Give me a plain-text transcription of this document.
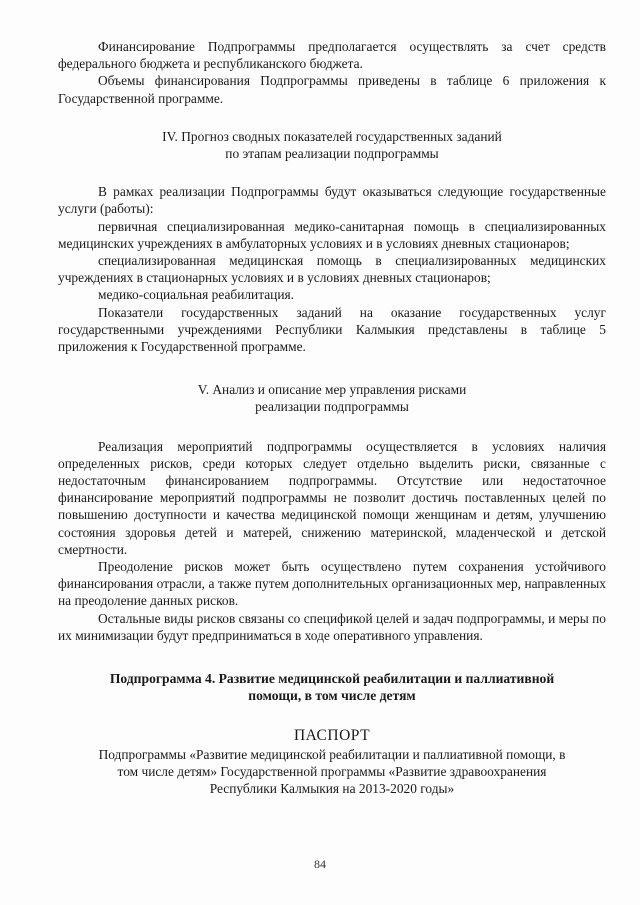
Финансирование Подпрограммы предполагается осуществлять за счет средств федерального бюджета и республиканского бюджета.

Объемы финансирования Подпрограммы приведены в таблице 6 приложения к Государственной программе.

IV. Прогноз сводных показателей государственных заданий
по этапам реализации подпрограммы

В рамках реализации Подпрограммы будут оказываться следующие государственные услуги (работы):

первичная специализированная медико-санитарная помощь в специализированных медицинских учреждениях в амбулаторных условиях и в условиях дневных стационаров;

специализированная медицинская помощь в специализированных медицинских учреждениях в стационарных условиях и в условиях дневных стационаров;

медико-социальная реабилитация.

Показатели государственных заданий на оказание государственных услуг государственными учреждениями Республики Калмыкия представлены в таблице 5 приложения к Государственной программе.

V. Анализ и описание мер управления рисками
реализации подпрограммы

Реализация мероприятий подпрограммы осуществляется в условиях наличия определенных рисков, среди которых следует отдельно выделить риски, связанные с недостаточным финансированием подпрограммы. Отсутствие или недостаточное финансирование мероприятий подпрограммы не позволит достичь поставленных целей по повышению доступности и качества медицинской помощи женщинам и детям, улучшению состояния здоровья детей и матерей, снижению материнской, младенческой и детской смертности.

Преодоление рисков может быть осуществлено путем сохранения устойчивого финансирования отрасли, а также путем дополнительных организационных мер, направленных на преодоление данных рисков.

Остальные виды рисков связаны со спецификой целей и задач подпрограммы, и меры по их минимизации будут предприниматься в ходе оперативного управления.

Подпрограмма 4. Развитие медицинской реабилитации и паллиативной
помощи, в том числе детям
ПАСПОРТ
Подпрограммы «Развитие медицинской реабилитации и паллиативной помощи, в
том числе детям» Государственной программы «Развитие здравоохранения
Республики Калмыкия на 2013-2020 годы»
84
